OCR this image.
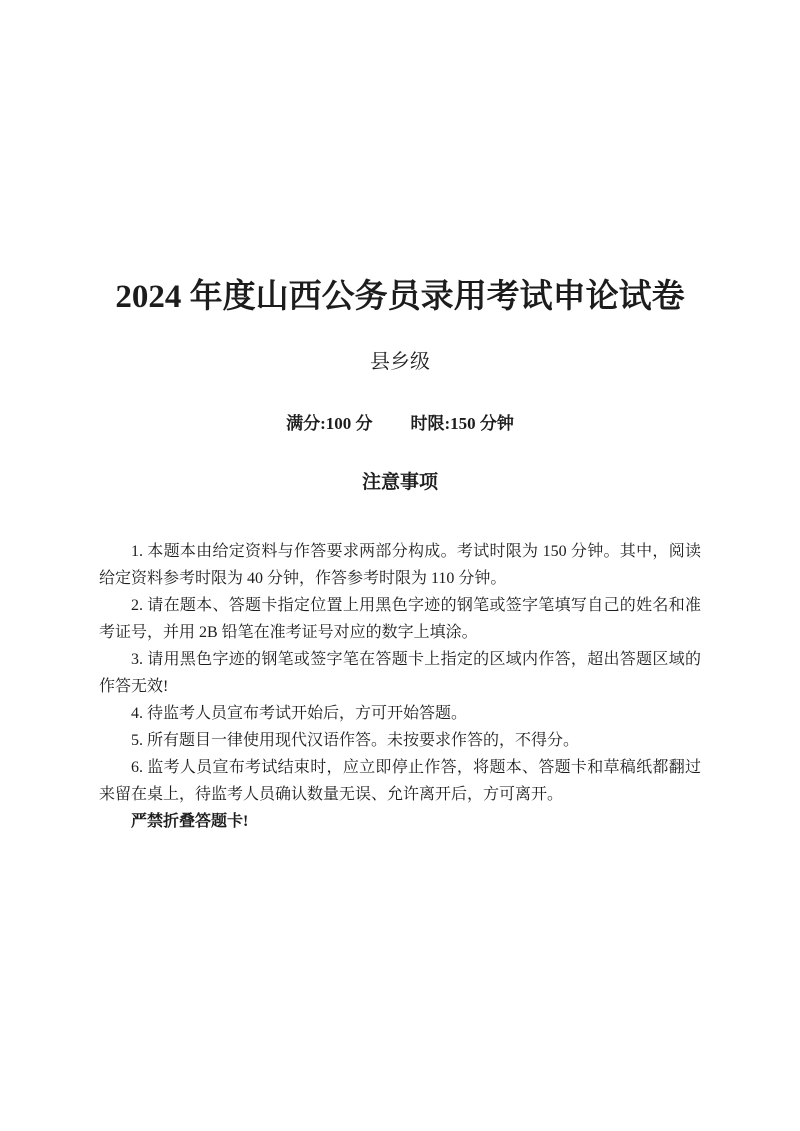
2024 年度山西公务员录用考试申论试卷
县乡级
满分:100 分 时限:150 分钟
注意事项

1. 本题本由给定资料与作答要求两部分构成。考试时限为 150 分钟。其中，阅读给定资料参考时限为 40 分钟，作答参考时限为 110 分钟。

2. 请在题本、答题卡指定位置上用黑色字迹的钢笔或签字笔填写自己的姓名和准考证号，并用 2B 铅笔在准考证号对应的数字上填涂。

3. 请用黑色字迹的钢笔或签字笔在答题卡上指定的区域内作答，超出答题区域的作答无效!

4. 待监考人员宣布考试开始后，方可开始答题。

5. 所有题目一律使用现代汉语作答。未按要求作答的，不得分。

6. 监考人员宣布考试结束时，应立即停止作答，将题本、答题卡和草稿纸都翻过来留在桌上，待监考人员确认数量无误、允许离开后，方可离开。

严禁折叠答题卡!
